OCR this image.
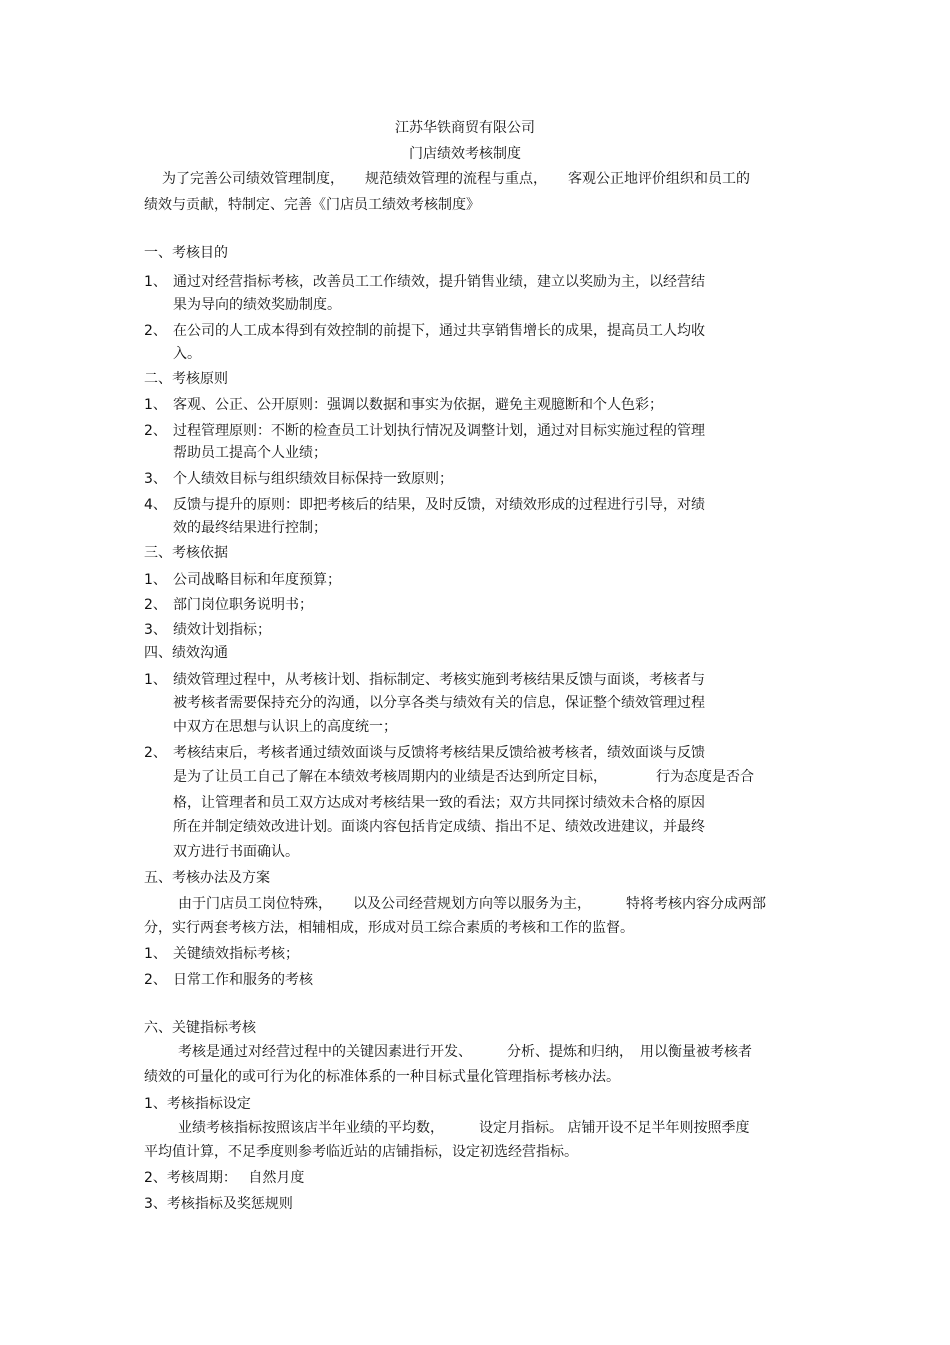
江苏华铁商贸有限公司
门店绩效考核制度
为了完善公司绩效管理制度，　　规范绩效管理的流程与重点，　　客观公正地评价组织和员工的
绩效与贡献，特制定、完善《门店员工绩效考核制度》
一、考核目的
1、 通过对经营指标考核，改善员工工作绩效，提升销售业绩，建立以奖励为主，以经营结
果为导向的绩效奖励制度。
2、 在公司的人工成本得到有效控制的前提下，通过共享销售增长的成果，提高员工人均收
入。
二、考核原则
1、 客观、公正、公开原则：强调以数据和事实为依据，避免主观臆断和个人色彩；
2、 过程管理原则：不断的检查员工计划执行情况及调整计划，通过对目标实施过程的管理
帮助员工提高个人业绩；
3、 个人绩效目标与组织绩效目标保持一致原则；
4、 反馈与提升的原则：即把考核后的结果，及时反馈，对绩效形成的过程进行引导，对绩
效的最终结果进行控制；
三、考核依据
1、 公司战略目标和年度预算；
2、 部门岗位职务说明书；
3、 绩效计划指标；
四、绩效沟通
1、 绩效管理过程中，从考核计划、指标制定、考核实施到考核结果反馈与面谈，考核者与
被考核者需要保持充分的沟通，以分享各类与绩效有关的信息，保证整个绩效管理过程
中双方在思想与认识上的高度统一；
2、 考核结束后，考核者通过绩效面谈与反馈将考核结果反馈给被考核者，绩效面谈与反馈
是为了让员工自己了解在本绩效考核周期内的业绩是否达到所定目标，　　　　行为态度是否合
格，让管理者和员工双方达成对考核结果一致的看法；双方共同探讨绩效未合格的原因
所在并制定绩效改进计划。面谈内容包括肯定成绩、指出不足、绩效改进建议，并最终
双方进行书面确认。
五、考核办法及方案
由于门店员工岗位特殊，　　以及公司经营规划方向等以服务为主，　　　特将考核内容分成两部
分，实行两套考核方法，相辅相成，形成对员工综合素质的考核和工作的监督。
1、 关键绩效指标考核；
2、 日常工作和服务的考核
六、关键指标考核
考核是通过对经营过程中的关键因素进行开发、　　　分析、提炼和归纳，　用以衡量被考核者
绩效的可量化的或可行为化的标准体系的一种目标式量化管理指标考核办法。
1、考核指标设定
业绩考核指标按照该店半年业绩的平均数，　　　设定月指标。 店铺开设不足半年则按照季度
平均值计算，不足季度则参考临近站的店铺指标，设定初选经营指标。
2、考核周期：　 自然月度
3、考核指标及奖惩规则
